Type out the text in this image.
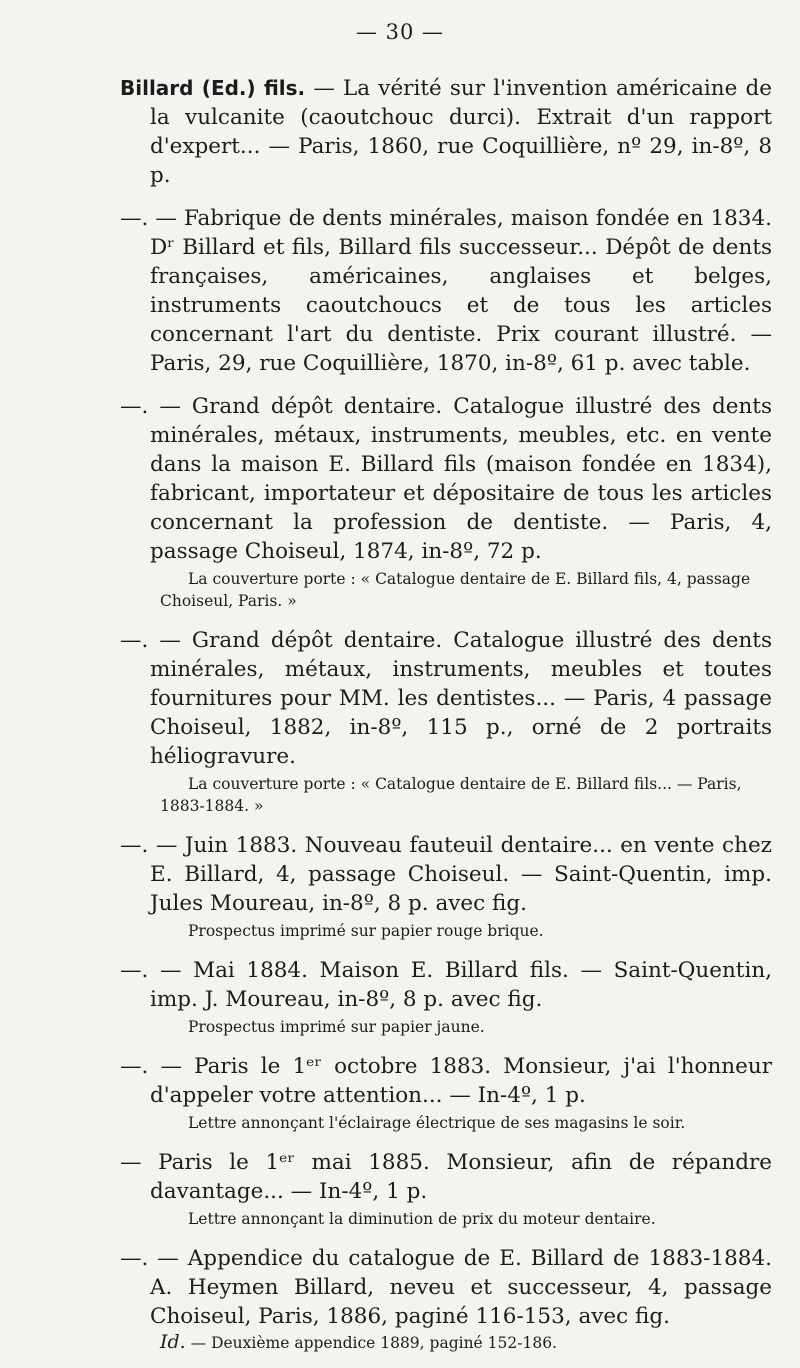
— 30 —
Billard (Ed.) fils. — La vérité sur l'invention américaine de la vulcanite (caoutchouc durci). Extrait d'un rapport d'expert... — Paris, 1860, rue Coquillière, nº 29, in-8º, 8 p.
—. — Fabrique de dents minérales, maison fondée en 1834. Dʳ Billard et fils, Billard fils successeur... Dépôt de dents françaises, américaines, anglaises et belges, instruments caoutchoucs et de tous les articles concernant l'art du dentiste. Prix courant illustré. — Paris, 29, rue Coquillière, 1870, in-8º, 61 p. avec table.
—. — Grand dépôt dentaire. Catalogue illustré des dents minérales, métaux, instruments, meubles, etc. en vente dans la maison E. Billard fils (maison fondée en 1834), fabricant, importateur et dépositaire de tous les articles concernant la profession de dentiste. — Paris, 4, passage Choiseul, 1874, in-8º, 72 p.
La couverture porte : « Catalogue dentaire de E. Billard fils, 4, passage Choiseul, Paris. »
—. — Grand dépôt dentaire. Catalogue illustré des dents minérales, métaux, instruments, meubles et toutes fournitures pour MM. les dentistes... — Paris, 4 passage Choiseul, 1882, in-8º, 115 p., orné de 2 portraits héliogravure.
La couverture porte : « Catalogue dentaire de E. Billard fils... — Paris, 1883-1884. »
—. — Juin 1883. Nouveau fauteuil dentaire... en vente chez E. Billard, 4, passage Choiseul. — Saint-Quentin, imp. Jules Moureau, in-8º, 8 p. avec fig.
Prospectus imprimé sur papier rouge brique.
—. — Mai 1884. Maison E. Billard fils. — Saint-Quentin, imp. J. Moureau, in-8º, 8 p. avec fig.
Prospectus imprimé sur papier jaune.
—. — Paris le 1ᵉʳ octobre 1883. Monsieur, j'ai l'honneur d'appeler votre attention... — In-4º, 1 p.
Lettre annonçant l'éclairage électrique de ses magasins le soir.
— Paris le 1ᵉʳ mai 1885. Monsieur, afin de répandre davantage... — In-4º, 1 p.
Lettre annonçant la diminution de prix du moteur dentaire.
—. — Appendice du catalogue de E. Billard de 1883-1884. A. Heymen Billard, neveu et successeur, 4, passage Choiseul, Paris, 1886, paginé 116-153, avec fig.
Id. — Deuxième appendice 1889, paginé 152-186.
